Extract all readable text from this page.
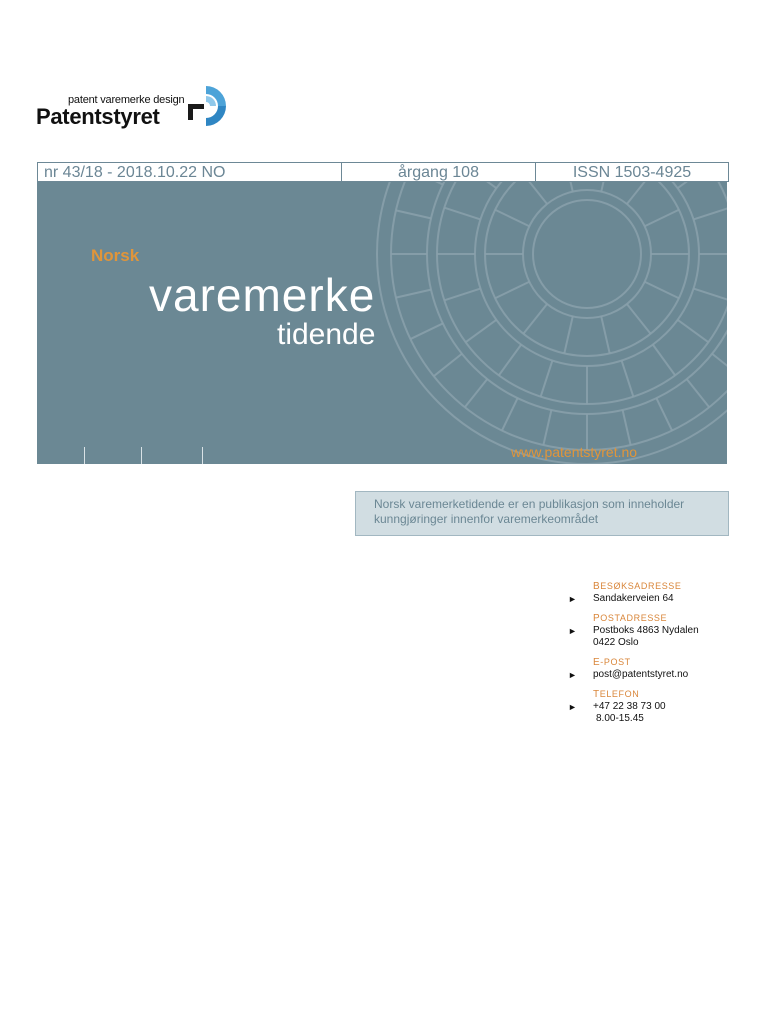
patent varemerke design
Patentstyret
nr 43/18 - 2018.10.22 NO	årgang 108	ISSN 1503-4925
Norsk
varemerke
tidende
www.patentstyret.no
Norsk varemerketidende er en publikasjon som inneholder kunngjøringer innenfor varemerkeområdet
BESØKSADRESSE
► Sandakerveien 64
POSTADRESSE
► Postboks 4863 Nydalen
0422 Oslo
E-POST
► post@patentstyret.no
TELEFON
► +47 22 38 73 00
8.00-15.45
